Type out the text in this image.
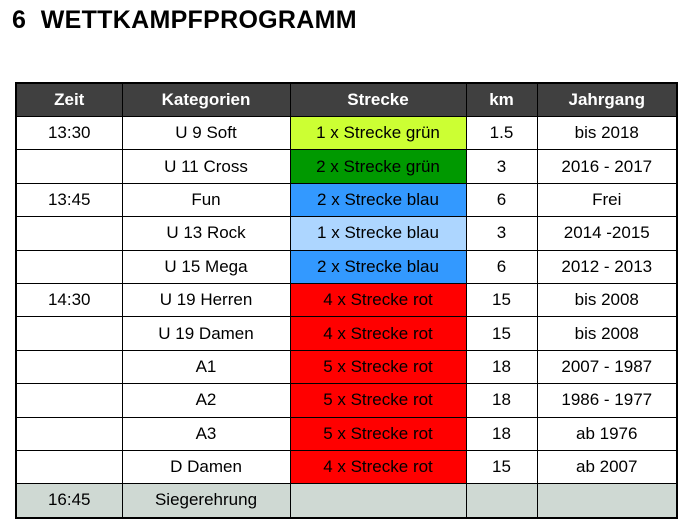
6 WETTKAMPFPROGRAMM
Zeit	Kategorien	Strecke	km	Jahrgang
13:30	U 9 Soft	1 x Strecke grün	1.5	bis 2018
	U 11 Cross	2 x Strecke grün	3	2016 - 2017
13:45	Fun	2 x Strecke blau	6	Frei
	U 13 Rock	1 x Strecke blau	3	2014 -2015
	U 15 Mega	2 x Strecke blau	6	2012 - 2013
14:30	U 19 Herren	4 x Strecke rot	15	bis 2008
	U 19 Damen	4 x Strecke rot	15	bis 2008
	A1	5 x Strecke rot	18	2007 - 1987
	A2	5 x Strecke rot	18	1986 - 1977
	A3	5 x Strecke rot	18	ab 1976
	D Damen	4 x Strecke rot	15	ab 2007
16:45	Siegerehrung			
